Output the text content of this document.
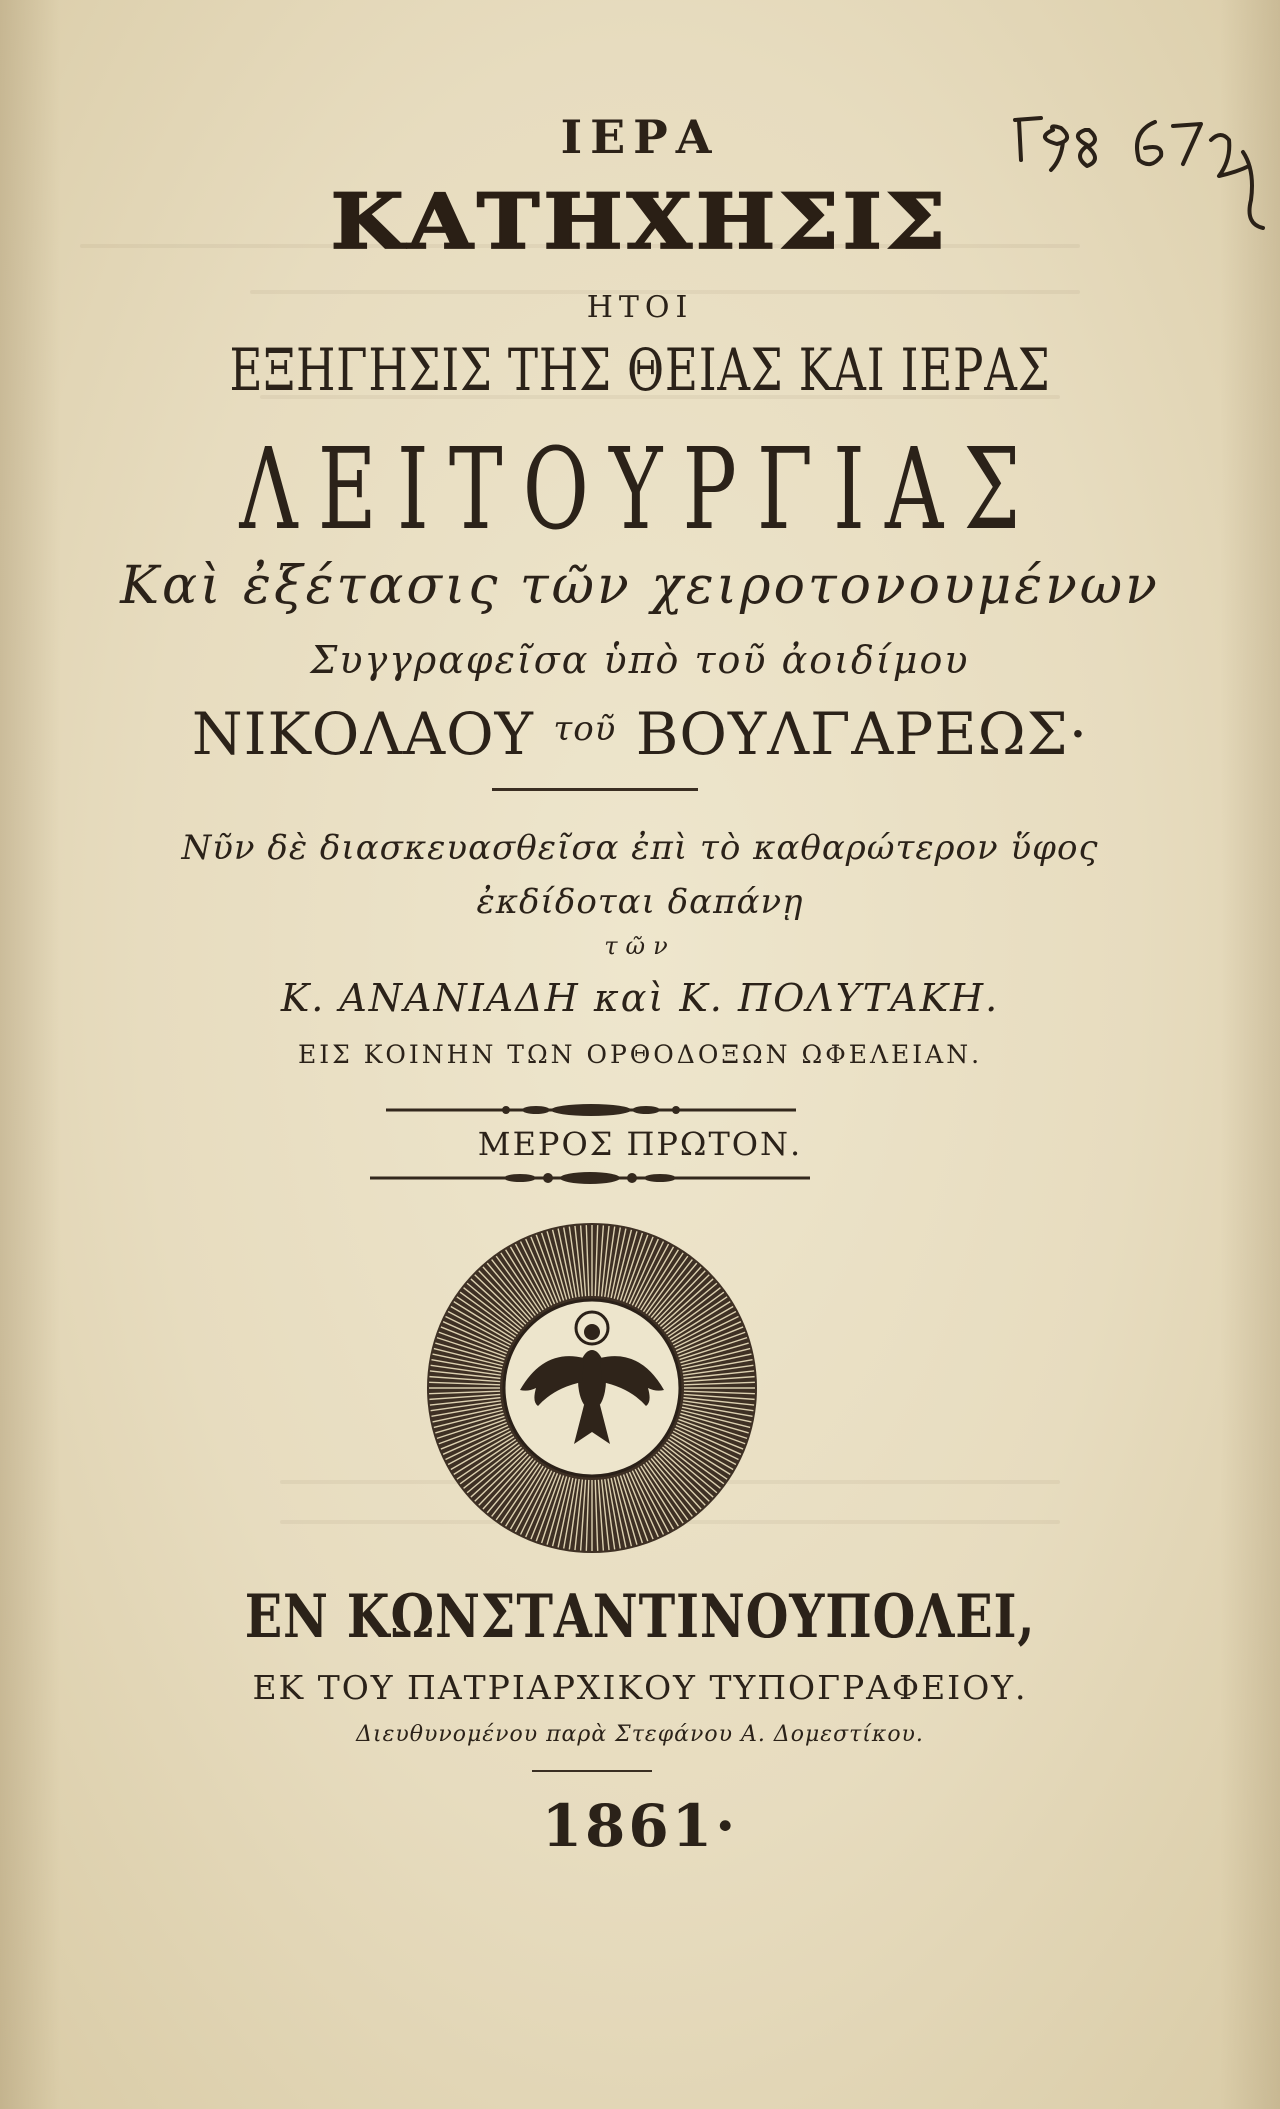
ΙΕΡΑ
ΚΑΤΗΧΗΣΙΣ
ΗΤΟΙ
ΕΞΗΓΗΣΙΣ ΤΗΣ ΘΕΙΑΣ ΚΑΙ ΙΕΡΑΣ
ΛΕΙΤΟΥΡΓΙΑΣ
Καὶ ἐξέτασις τῶν χειροτονουμένων
Συγγραφεῖσα ὑπὸ τοῦ ἀοιδίμου
ΝΙΚΟΛΑΟΥ $^{\tau oῦ}$ ΒΟΥΛΓΑΡΕΩΣ·
Νῦν δὲ διασκευασθεῖσα ἐπὶ τὸ καθαρώτερον ὕφος
ἐκδίδοται δαπάνῃ
τῶν
Κ. ΑΝΑΝΙΑΔΗ καὶ Κ. ΠΟΛΥΤΑΚΗ.
ΕΙΣ ΚΟΙΝΗΝ ΤΩΝ ΟΡΘΟΔΟΞΩΝ ΩΦΕΛΕΙΑΝ.
ΜΕΡΟΣ ΠΡΩΤΟΝ.
ΕΝ ΚΩΝΣΤΑΝΤΙΝΟΥΠΟΛΕΙ,
ΕΚ ΤΟΥ ΠΑΤΡΙΑΡΧΙΚΟΥ ΤΥΠΟΓΡΑΦΕΙΟΥ.
Διευθυνομένου παρὰ Στεφάνου Α. Δομεστίκου.
1861·
